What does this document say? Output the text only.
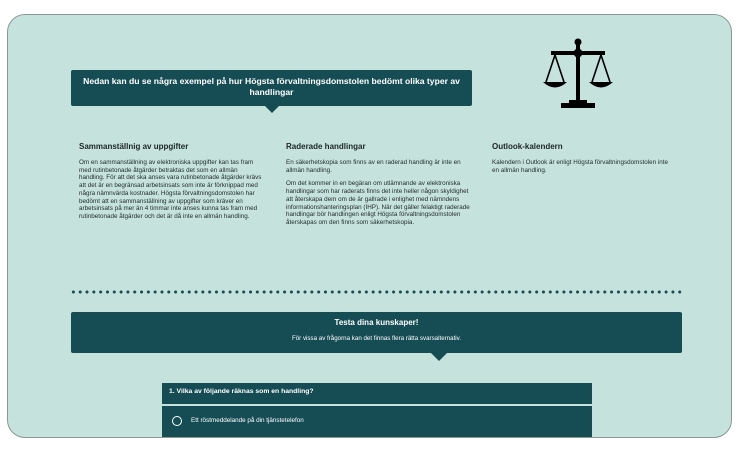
Nedan kan du se några exempel på hur Högsta förvaltningsdomstolen bedömt olika typer av handlingar
Sammanställnig av uppgifter

Om en sammanställning av elektroniska uppgifter kan tas fram med rutinbetonade åtgärder betraktas det som en allmän handling. För att det ska anses vara rutinbetonade åtgärder krävs att det är en begränsad arbetsinsats som inte är förknippad med några nämnvärda kostnader. Högsta förvaltningsdomstolen har bedömt att en sammanställning av uppgifter som kräver en arbetsinsats på mer än 4 timmar inte anses kunna tas fram med rutinbetonade åtgärder och det är då inte en allmän handling.

Raderade handlingar

En säkerhetskopia som finns av en raderad handling är inte en allmän handling.

Om det kommer in en begäran om utlämnande av elektroniska handlingar som har raderats finns det inte heller någon skyldighet att återskapa dem om de är gallrade i enlighet med nämndens informationshanteringsplan (IHP). När det gäller felaktigt raderade handlingar bör handlingen enligt Högsta förvaltningsdomstolen återskapas om den finns som säkerhetskopia.

Outlook-kalendern

Kalendern i Outlook är enligt Högsta förvaltningsdomstolen inte en allmän handling.

Testa dina kunskaper!
För vissa av frågorna kan det finnas flera rätta svarsalternativ.
1. Vilka av följande räknas som en handling?
Ett röstmeddelande på din tjänstetelefon
